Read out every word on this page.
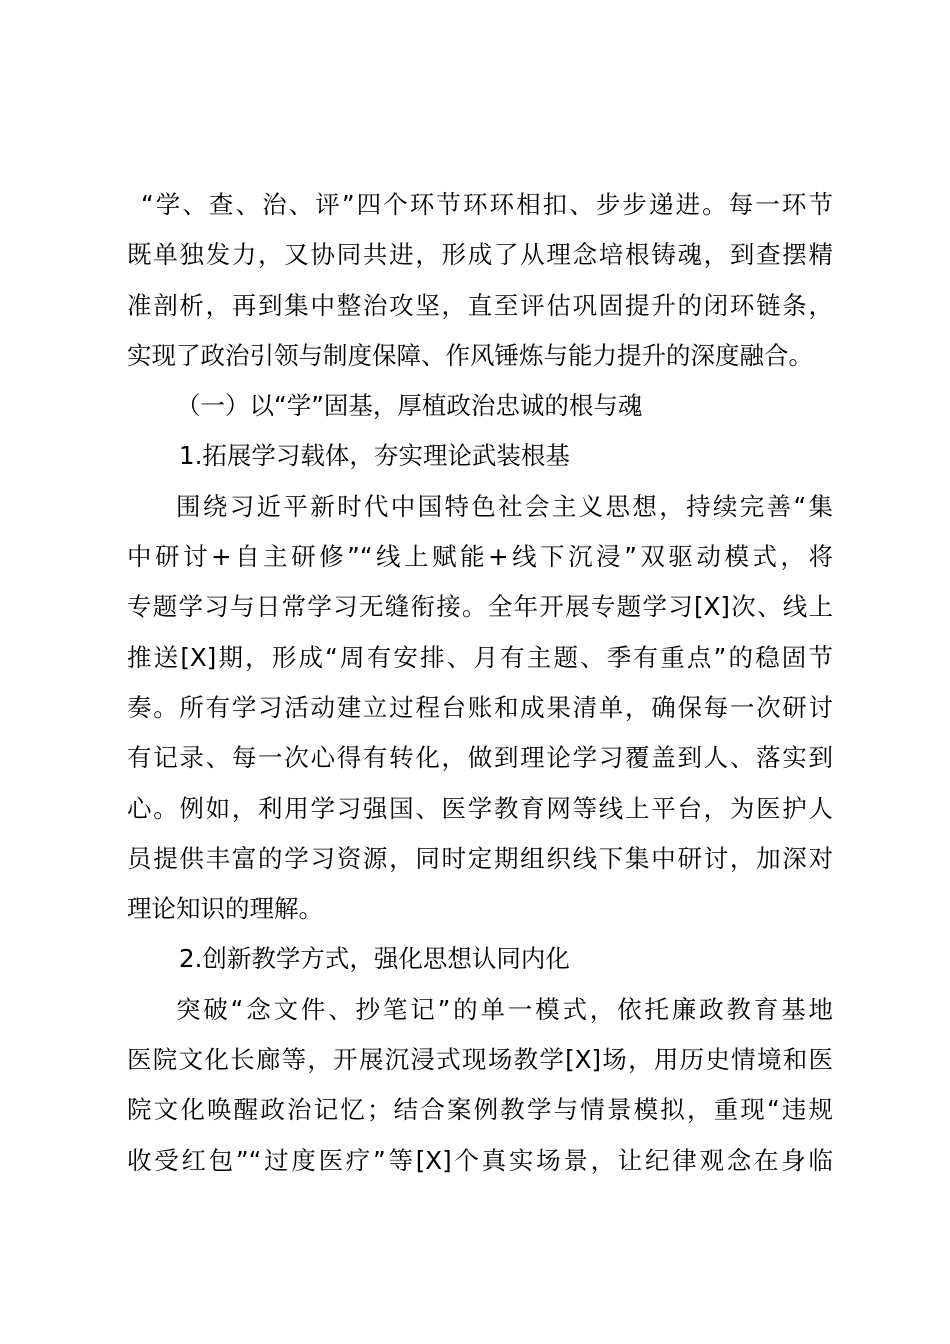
“学、查、治、评”四个环节环环相扣、步步递进。每一环节
既单独发力，又协同共进，形成了从理念培根铸魂，到查摆精
准剖析，再到集中整治攻坚，直至评估巩固提升的闭环链条，
实现了政治引领与制度保障、作风锤炼与能力提升的深度融合。
（一）以“学”固基，厚植政治忠诚的根与魂
1.拓展学习载体，夯实理论武装根基
围绕习近平新时代中国特色社会主义思想，持续完善“集
中研讨+自主研修”“线上赋能+线下沉浸”双驱动模式，将
专题学习与日常学习无缝衔接。全年开展专题学习[X]次、线上
推送[X]期，形成“周有安排、月有主题、季有重点”的稳固节
奏。所有学习活动建立过程台账和成果清单，确保每一次研讨
有记录、每一次心得有转化，做到理论学习覆盖到人、落实到
心。例如，利用学习强国、医学教育网等线上平台，为医护人
员提供丰富的学习资源，同时定期组织线下集中研讨，加深对
理论知识的理解。
2.创新教学方式，强化思想认同内化
突破“念文件、抄笔记”的单一模式，依托廉政教育基地
医院文化长廊等，开展沉浸式现场教学[X]场，用历史情境和医
院文化唤醒政治记忆；结合案例教学与情景模拟，重现“违规
收受红包”“过度医疗”等[X]个真实场景，让纪律观念在身临
